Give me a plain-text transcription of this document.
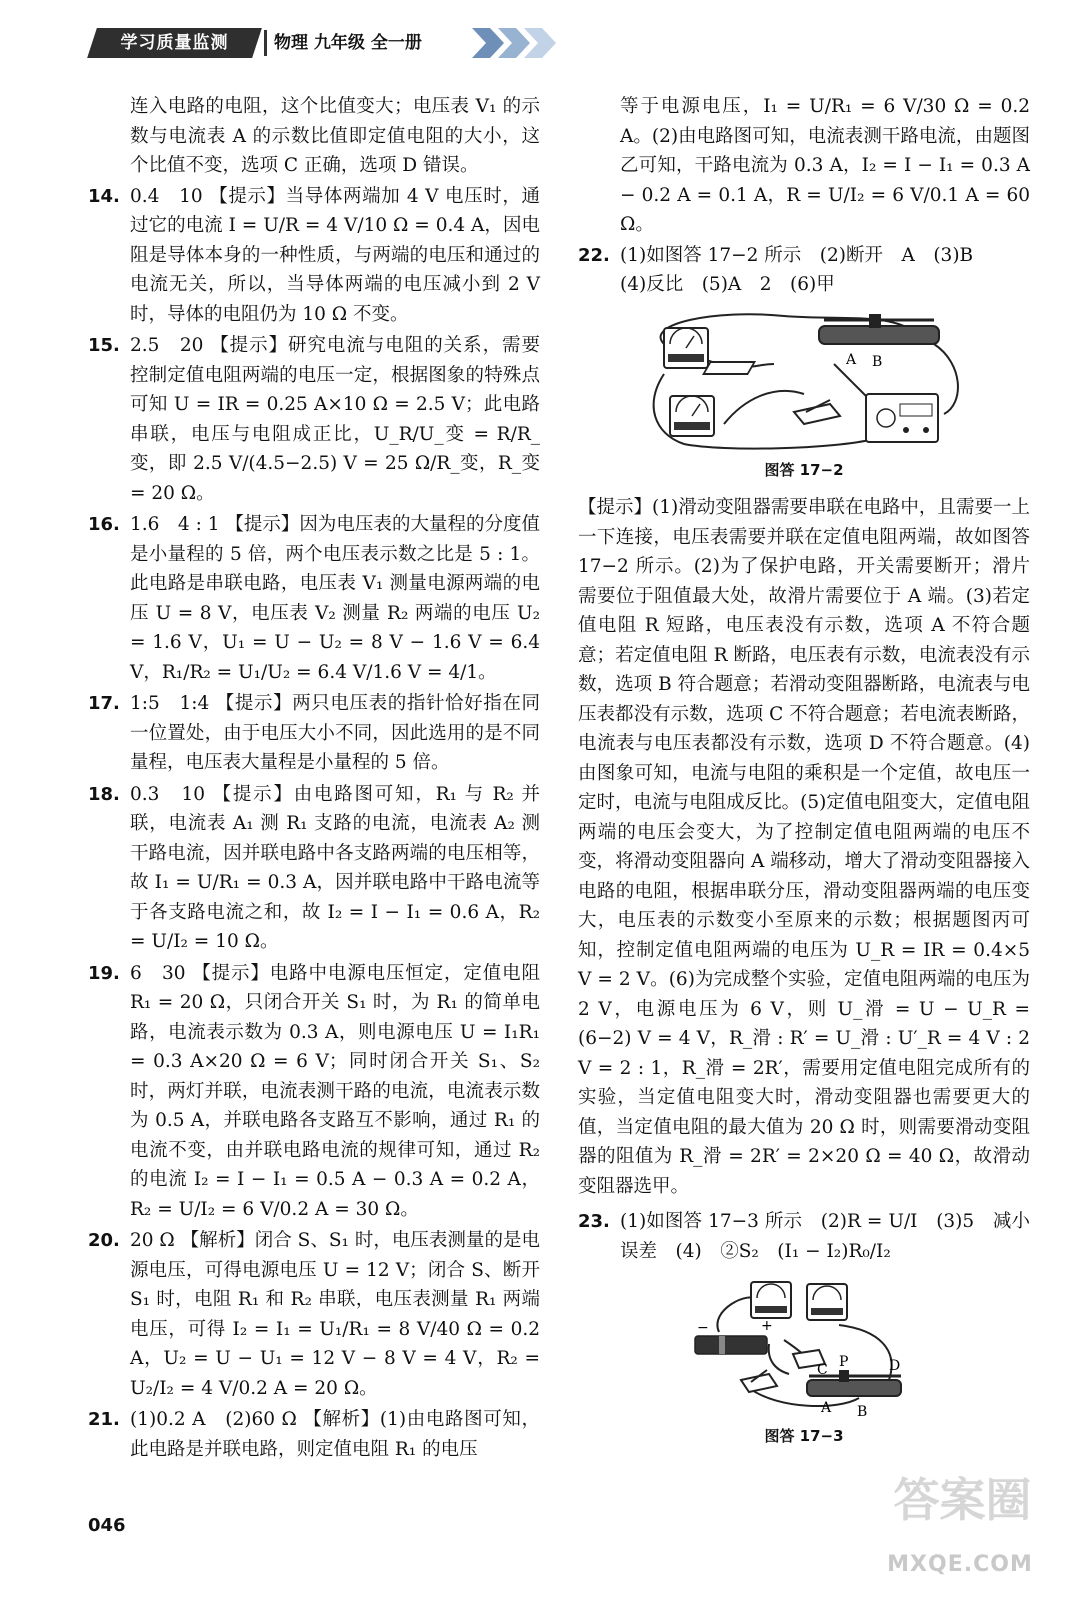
学习质量监测	物理 九年级 全一册

连入电路的电阻，这个比值变大；电压表 V₁ 的示数与电流表 A 的示数比值即定值电阻的大小，这个比值不变，选项 C 正确，选项 D 错误。

14. 0.4　10 【提示】当导体两端加 4 V 电压时，通过它的电流 I = U/R = 4 V/10 Ω = 0.4 A，因电阻是导体本身的一种性质，与两端的电压和通过的电流无关，所以，当导体两端的电压减小到 2 V 时，导体的电阻仍为 10 Ω 不变。
15. 2.5　20 【提示】研究电流与电阻的关系，需要控制定值电阻两端的电压一定，根据图象的特殊点可知 U = IR = 0.25 A×10 Ω = 2.5 V；此电路串联，电压与电阻成正比，U_R/U_变 = R/R_变，即 2.5 V/(4.5−2.5) V = 25 Ω/R_变，R_变 = 20 Ω。
16. 1.6　4 : 1 【提示】因为电压表的大量程的分度值是小量程的 5 倍，两个电压表示数之比是 5 : 1。此电路是串联电路，电压表 V₁ 测量电源两端的电压 U = 8 V，电压表 V₂ 测量 R₂ 两端的电压 U₂ = 1.6 V，U₁ = U − U₂ = 8 V − 1.6 V = 6.4 V，R₁/R₂ = U₁/U₂ = 6.4 V/1.6 V = 4/1。
17. 1:5　1:4 【提示】两只电压表的指针恰好指在同一位置处，由于电压大小不同，因此选用的是不同量程，电压表大量程是小量程的 5 倍。
18. 0.3　10 【提示】由电路图可知，R₁ 与 R₂ 并联，电流表 A₁ 测 R₁ 支路的电流，电流表 A₂ 测干路电流，因并联电路中各支路两端的电压相等，故 I₁ = U/R₁ = 0.3 A，因并联电路中干路电流等于各支路电流之和，故 I₂ = I − I₁ = 0.6 A，R₂ = U/I₂ = 10 Ω。
19. 6　30 【提示】电路中电源电压恒定，定值电阻 R₁ = 20 Ω，只闭合开关 S₁ 时，为 R₁ 的简单电路，电流表示数为 0.3 A，则电源电压 U = I₁R₁ = 0.3 A×20 Ω = 6 V；同时闭合开关 S₁、S₂ 时，两灯并联，电流表测干路的电流，电流表示数为 0.5 A，并联电路各支路互不影响，通过 R₁ 的电流不变，由并联电路电流的规律可知，通过 R₂ 的电流 I₂ = I − I₁ = 0.5 A − 0.3 A = 0.2 A，R₂ = U/I₂ = 6 V/0.2 A = 30 Ω。
20. 20 Ω 【解析】闭合 S、S₁ 时，电压表测量的是电源电压，可得电源电压 U = 12 V；闭合 S、断开 S₁ 时，电阻 R₁ 和 R₂ 串联，电压表测量 R₁ 两端电压，可得 I₂ = I₁ = U₁/R₁ = 8 V/40 Ω = 0.2 A，U₂ = U − U₁ = 12 V − 8 V = 4 V，R₂ = U₂/I₂ = 4 V/0.2 A = 20 Ω。
21. (1)0.2 A　(2)60 Ω 【解析】(1)由电路图可知，此电路是并联电路，则定值电阻 R₁ 的电压

等于电源电压，I₁ = U/R₁ = 6 V/30 Ω = 0.2 A。(2)由电路图可知，电流表测干路电流，由题图乙可知，干路电流为 0.3 A，I₂ = I − I₁ = 0.3 A − 0.2 A = 0.1 A，R = U/I₂ = 6 V/0.1 A = 60 Ω。

22. (1)如图答 17−2 所示　(2)断开　A　(3)B
(4)反比　(5)A　2　(6)甲
A B
图答 17−2

【提示】(1)滑动变阻器需要串联在电路中，且需要一上一下连接，电压表需要并联在定值电阻两端，故如图答 17−2 所示。(2)为了保护电路，开关需要断开；滑片需要位于阻值最大处，故滑片需要位于 A 端。(3)若定值电阻 R 短路，电压表没有示数，选项 A 不符合题意；若定值电阻 R 断路，电压表有示数，电流表没有示数，选项 B 符合题意；若滑动变阻器断路，电流表与电压表都没有示数，选项 C 不符合题意；若电流表断路，电流表与电压表都没有示数，选项 D 不符合题意。(4)由图象可知，电流与电阻的乘积是一个定值，故电压一定时，电流与电阻成反比。(5)定值电阻变大，定值电阻两端的电压会变大，为了控制定值电阻两端的电压不变，将滑动变阻器向 A 端移动，增大了滑动变阻器接入电路的电阻，根据串联分压，滑动变阻器两端的电压变大，电压表的示数变小至原来的示数；根据题图丙可知，控制定值电阻两端的电压为 U_R = IR = 0.4×5 V = 2 V。(6)为完成整个实验，定值电阻两端的电压为 2 V，电源电压为 6 V，则 U_滑 = U − U_R = (6−2) V = 4 V，R_滑 : R′ = U_滑 : U′_R = 4 V : 2 V = 2 : 1，R_滑 = 2R′，需要用定值电阻完成所有的实验，当定值电阻变大时，滑动变阻器也需要更大的值，当定值电阻的最大值为 20 Ω 时，则需要滑动变阻器的阻值为 R_滑 = 2R′ = 2×20 Ω = 40 Ω，故滑动变阻器选甲。

23. (1)如图答 17−3 所示　(2)R = U/I　(3)5　减小误差　(4)　②S₂　(I₁ − I₂)R₀/I₂
−	+
C P	D
A B
图答 17−3
046	答案圈
MXQE.COM
